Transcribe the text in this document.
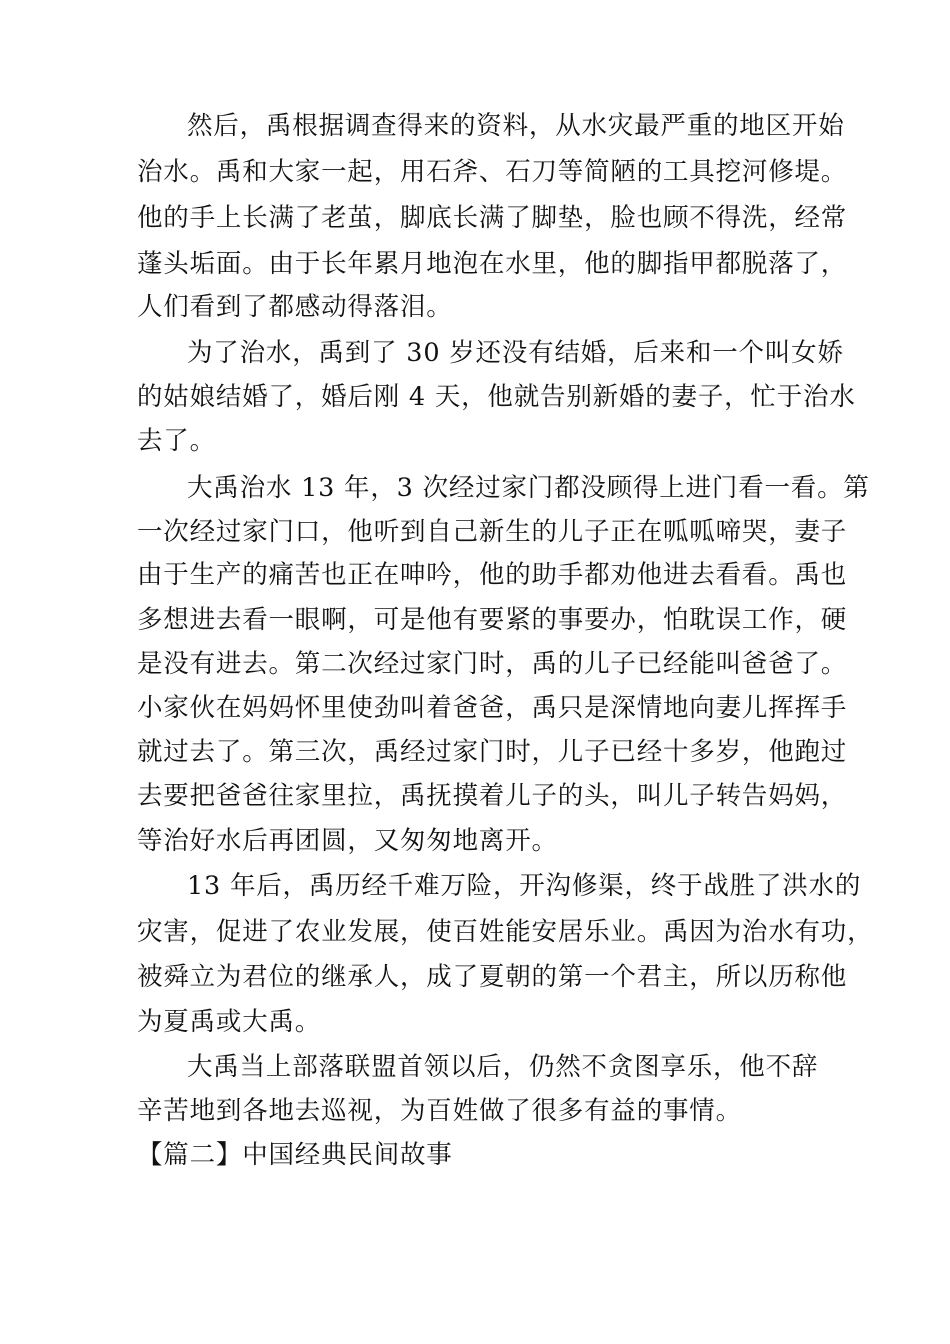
然后，禹根据调查得来的资料，从水灾最严重的地区开始
治水。禹和大家一起，用石斧、石刀等简陋的工具挖河修堤。
他的手上长满了老茧，脚底长满了脚垫，脸也顾不得洗，经常
蓬头垢面。由于长年累月地泡在水里，他的脚指甲都脱落了，
人们看到了都感动得落泪。
为了治水，禹到了 30 岁还没有结婚，后来和一个叫女娇
的姑娘结婚了，婚后刚 4 天，他就告别新婚的妻子，忙于治水
去了。
大禹治水 13 年，3 次经过家门都没顾得上进门看一看。第
一次经过家门口，他听到自己新生的儿子正在呱呱啼哭，妻子
由于生产的痛苦也正在呻吟，他的助手都劝他进去看看。禹也
多想进去看一眼啊，可是他有要紧的事要办，怕耽误工作，硬
是没有进去。第二次经过家门时，禹的儿子已经能叫爸爸了。
小家伙在妈妈怀里使劲叫着爸爸，禹只是深情地向妻儿挥挥手
就过去了。第三次，禹经过家门时，儿子已经十多岁，他跑过
去要把爸爸往家里拉，禹抚摸着儿子的头，叫儿子转告妈妈，
等治好水后再团圆，又匆匆地离开。
13 年后，禹历经千难万险，开沟修渠，终于战胜了洪水的
灾害，促进了农业发展，使百姓能安居乐业。禹因为治水有功，
被舜立为君位的继承人，成了夏朝的第一个君主，所以历称他
为夏禹或大禹。
大禹当上部落联盟首领以后，仍然不贪图享乐，他不辞
辛苦地到各地去巡视，为百姓做了很多有益的事情。
【篇二】中国经典民间故事
